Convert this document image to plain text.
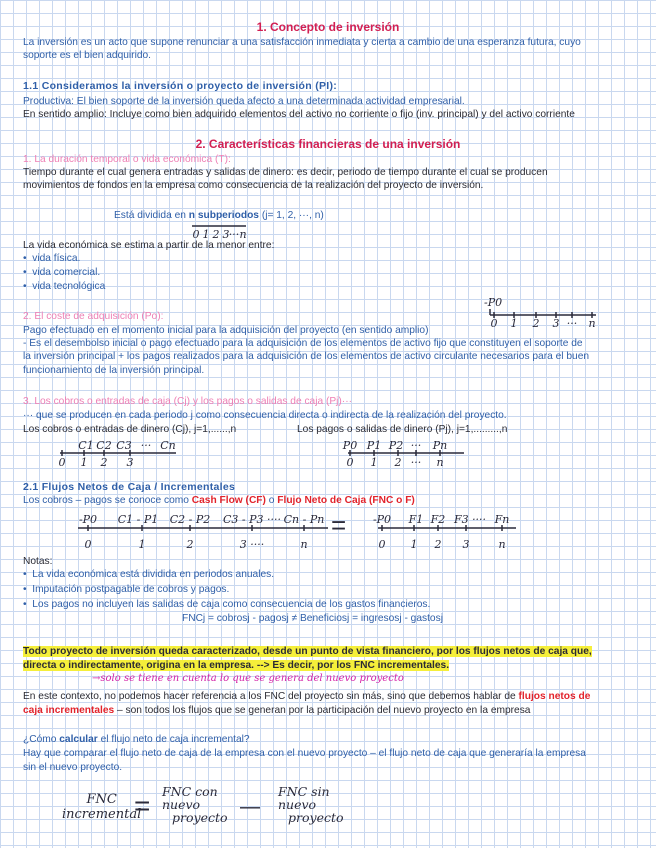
1. Concepto de inversión
La inversión es un acto que supone renunciar a una satisfacción inmediata y cierta a cambio de una esperanza futura, cuyo
soporte es el bien adquirido.
1.1 Consideramos la inversión o proyecto de inversión (PI):
Productiva: El bien soporte de la inversión queda afecto a una determinada actividad empresarial.
En sentido amplio: Incluye como bien adquirido elementos del activo no corriente o fijo (inv. principal) y del activo corriente
2. Características financieras de una inversión
1. La duración temporal o vida económica (T):
Tiempo durante el cual genera entradas y salidas de dinero: es decir, periodo de tiempo durante el cual se producen
movimientos de fondos en la empresa como consecuencia de la realización del proyecto de inversión.
Está dividida en n subperiodos (j= 1, 2, ···, n)
0 1 2 3 ··· n
La vida económica se estima a partir de la menor entre:
•  vida física.
•  vida comercial.
•  vida tecnológica
-P0
0 1 2 3 ··· n
2. El coste de adquisición (Po):
Pago efectuado en el momento inicial para la adquisición del proyecto (en sentido amplio)
- Es el desembolso inicial o pago efectuado para la adquisición de los elementos de activo fijo que constituyen el soporte de
la inversión principal + los pagos realizados para la adquisición de los elementos de activo circulante necesarios para el buen
funcionamiento de la inversión principal.
3. Los cobros o entradas de caja (Cj) y los pagos o salidas de caja (Pj)···
··· que se producen en cada periodo j como consecuencia directa o indirecta de la realización del proyecto.
Los cobros o entradas de dinero (Cj), j=1,......,n	Los pagos o salidas de dinero (Pj), j=1,.........,n
C1 C2 C3 ··· Cn
0 1 2 3
P0 P1 P2 ··· Pn
0 1 2 ··· n
2.1 Flujos Netos de Caja / Incrementales
Los cobros – pagos se conoce como Cash Flow (CF) o Flujo Neto de Caja (FNC o F)
-P0 C1 - P1 C2 - P2 C3 - P3 ···· Cn - Pn
0	1	2	3 ····	n
= -P0 F1 F2 F3 ···· Fn
0 1 2 3	n
Notas:
•  La vida económica está dividida en periodos anuales.
•  Imputación postpagable de cobros y pagos.
•  Los pagos no incluyen las salidas de caja como consecuencia de los gastos financieros.
FNCj = cobrosj - pagosj ≠ Beneficiosj = ingresosj - gastosj
Todo proyecto de inversión queda caracterizado, desde un punto de vista financiero, por los flujos netos de caja que,
directa o indirectamente, origina en la empresa. --> Es decir, por los FNC incrementales.
→solo se tiene en cuenta lo que se genera del nuevo proyecto
En este contexto, no podemos hacer referencia a los FNC del proyecto sin más, sino que debemos hablar de flujos netos de
caja incrementales – son todos los flujos que se generan por la participación del nuevo proyecto en la empresa
¿Cómo calcular el flujo neto de caja incremental?
Hay que comparar el flujo neto de caja de la empresa con el nuevo proyecto – el flujo neto de caja que generaría la empresa
sin el nuevo proyecto.
FNC
incremental
= FNC con
nuevo
proyecto —
FNC sin
nuevo
proyecto
